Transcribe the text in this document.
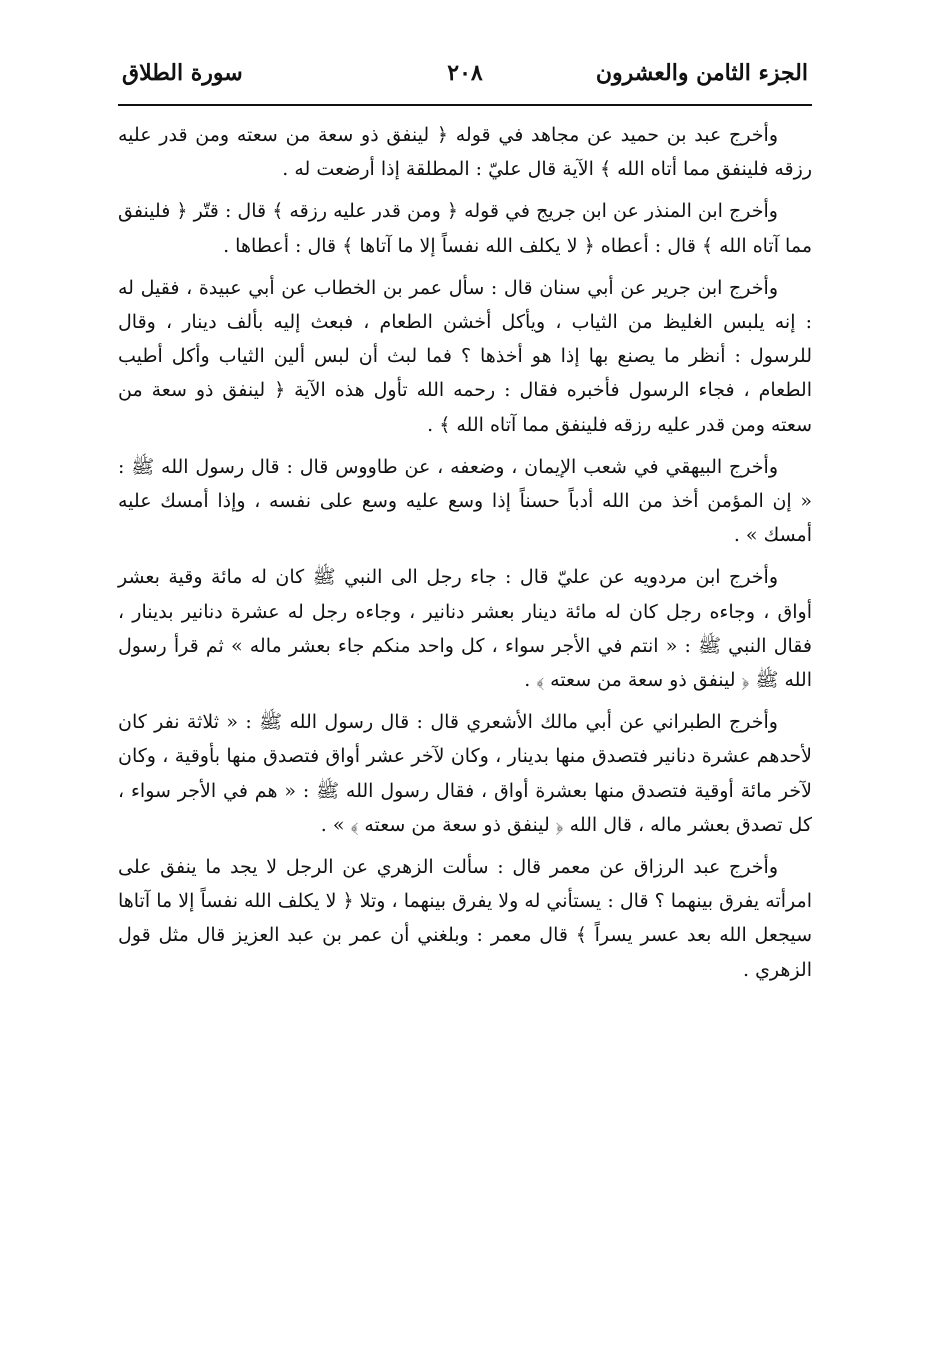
الجزء الثامن والعشرون
٢٠٨
سورة الطلاق

وأخرج عبد بن حميد عن مجاهد في قوله ﴿ لينفق ذو سعة من سعته ومن قدر عليه رزقه فلينفق مما أتاه الله ﴾ الآية قال عليّ : المطلقة إذا أرضعت له .

وأخرج ابن المنذر عن ابن جريج في قوله ﴿ ومن قدر عليه رزقه ﴾ قال : قتّر ﴿ فلينفق مما آتاه الله ﴾ قال : أعطاه ﴿ لا يكلف الله نفساً إلا ما آتاها ﴾ قال : أعطاها .

وأخرج ابن جرير عن أبي سنان قال : سأل عمر بن الخطاب عن أبي عبيدة ، فقيل له : إنه يلبس الغليظ من الثياب ، ويأكل أخشن الطعام ، فبعث إليه بألف دينار ، وقال للرسول : أنظر ما يصنع بها إذا هو أخذها ؟ فما لبث أن لبس ألين الثياب وأكل أطيب الطعام ، فجاء الرسول فأخبره فقال : رحمه الله تأول هذه الآية ﴿ لينفق ذو سعة من سعته ومن قدر عليه رزقه فلينفق مما آتاه الله ﴾ .

وأخرج البيهقي في شعب الإيمان ، وضعفه ، عن طاووس قال : قال رسول الله ﷺ : « إن المؤمن أخذ من الله أدباً حسناً إذا وسع عليه وسع على نفسه ، وإذا أمسك عليه أمسك » .

وأخرج ابن مردويه عن عليّ قال : جاء رجل الى النبي ﷺ كان له مائة وقية بعشر أواق ، وجاءه رجل كان له مائة دينار بعشر دنانير ، وجاءه رجل له عشرة دنانير بدينار ، فقال النبي ﷺ : « انتم في الأجر سواء ، كل واحد منكم جاء بعشر ماله » ثم قرأ رسول الله ﷺ ﴿ لينفق ذو سعة من سعته ﴾ .

وأخرج الطبراني عن أبي مالك الأشعري قال : قال رسول الله ﷺ : « ثلاثة نفر كان لأحدهم عشرة دنانير فتصدق منها بدينار ، وكان لآخر عشر أواق فتصدق منها بأوقية ، وكان لآخر مائة أوقية فتصدق منها بعشرة أواق ، فقال رسول الله ﷺ : « هم في الأجر سواء ، كل تصدق بعشر ماله ، قال الله ﴿ لينفق ذو سعة من سعته ﴾ » .

وأخرج عبد الرزاق عن معمر قال : سألت الزهري عن الرجل لا يجد ما ينفق على امرأته يفرق بينهما ؟ قال : يستأني له ولا يفرق بينهما ، وتلا ﴿ لا يكلف الله نفساً إلا ما آتاها سيجعل الله بعد عسر يسراً ﴾ قال معمر : وبلغني أن عمر بن عبد العزيز قال مثل قول الزهري .
